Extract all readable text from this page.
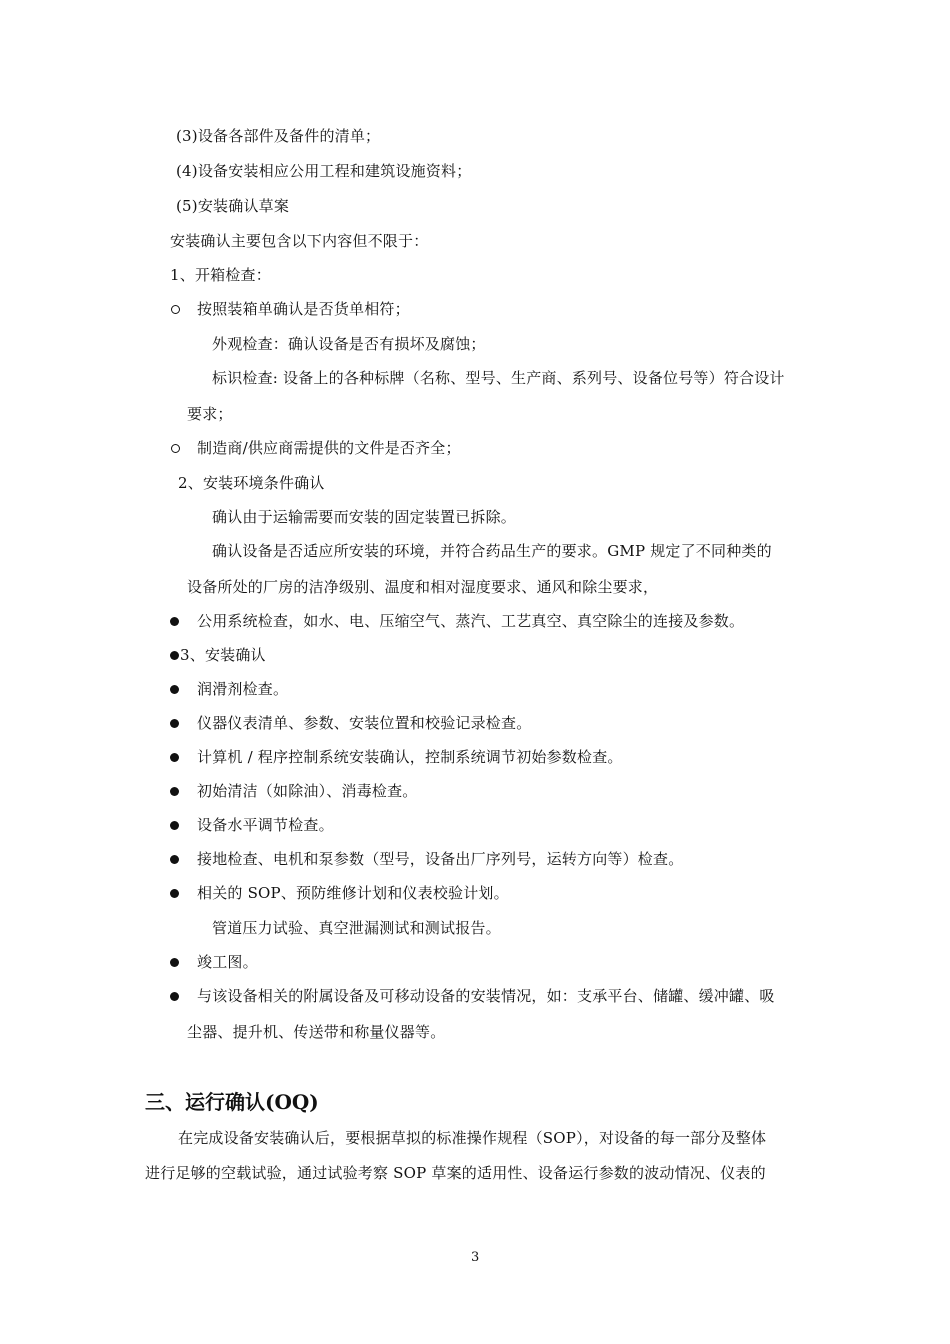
(3)设备各部件及备件的清单；
(4)设备安装相应公用工程和建筑设施资料；
(5)安装确认草案
安装确认主要包含以下内容但不限于：
1、开箱检查：
按照装箱单确认是否货单相符；
外观检查：确认设备是否有损坏及腐蚀；
标识检查: 设备上的各种标牌（名称、型号、生产商、系列号、设备位号等）符合设计
要求；
制造商/供应商需提供的文件是否齐全；
2、安装环境条件确认
确认由于运输需要而安装的固定装置已拆除。
确认设备是否适应所安装的环境，并符合药品生产的要求。GMP 规定了不同种类的
设备所处的厂房的洁净级别、温度和相对湿度要求、通风和除尘要求，
公用系统检查，如水、电、压缩空气、蒸汽、工艺真空、真空除尘的连接及参数。
3、安装确认
润滑剂检查。
仪器仪表清单、参数、安装位置和校验记录检查。
计算机 / 程序控制系统安装确认，控制系统调节初始参数检查。
初始清洁（如除油）、消毒检查。
设备水平调节检查。
接地检查、电机和泵参数（型号，设备出厂序列号，运转方向等）检查。
相关的 SOP、预防维修计划和仪表校验计划。
管道压力试验、真空泄漏测试和测试报告。
竣工图。
与该设备相关的附属设备及可移动设备的安装情况，如：支承平台、储罐、缓冲罐、吸
尘器、提升机、传送带和称量仪器等。
三、运行确认(OQ)
在完成设备安装确认后，要根据草拟的标准操作规程（SOP），对设备的每一部分及整体
进行足够的空载试验，通过试验考察 SOP 草案的适用性、设备运行参数的波动情况、仪表的
3
